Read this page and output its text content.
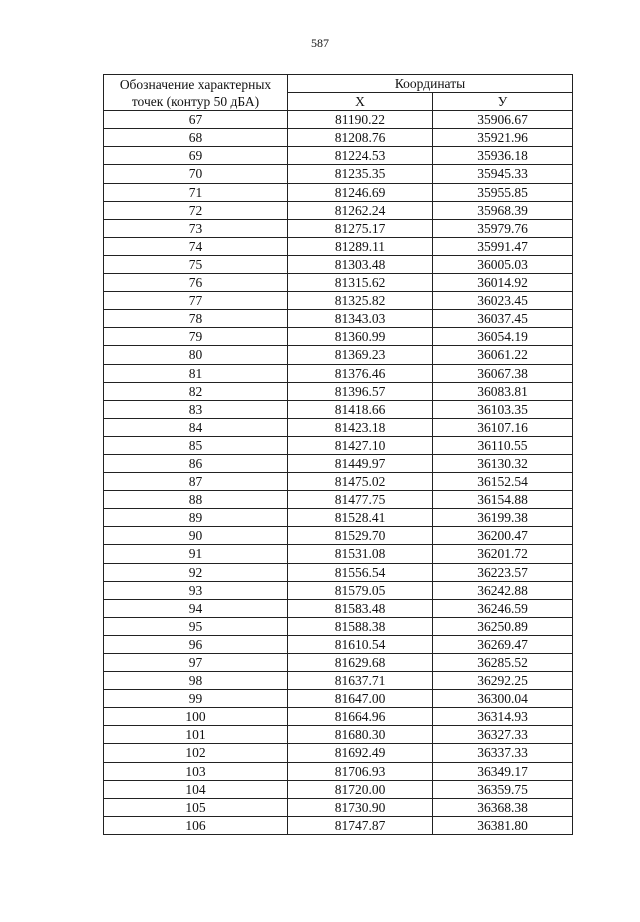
587
Обозначение характерных
точек (контур 50 дБА)	Координаты	
	Х	У
67	81190.22	35906.67
68	81208.76	35921.96
69	81224.53	35936.18
70	81235.35	35945.33
71	81246.69	35955.85
72	81262.24	35968.39
73	81275.17	35979.76
74	81289.11	35991.47
75	81303.48	36005.03
76	81315.62	36014.92
77	81325.82	36023.45
78	81343.03	36037.45
79	81360.99	36054.19
80	81369.23	36061.22
81	81376.46	36067.38
82	81396.57	36083.81
83	81418.66	36103.35
84	81423.18	36107.16
85	81427.10	36110.55
86	81449.97	36130.32
87	81475.02	36152.54
88	81477.75	36154.88
89	81528.41	36199.38
90	81529.70	36200.47
91	81531.08	36201.72
92	81556.54	36223.57
93	81579.05	36242.88
94	81583.48	36246.59
95	81588.38	36250.89
96	81610.54	36269.47
97	81629.68	36285.52
98	81637.71	36292.25
99	81647.00	36300.04
100	81664.96	36314.93
101	81680.30	36327.33
102	81692.49	36337.33
103	81706.93	36349.17
104	81720.00	36359.75
105	81730.90	36368.38
106	81747.87	36381.80
